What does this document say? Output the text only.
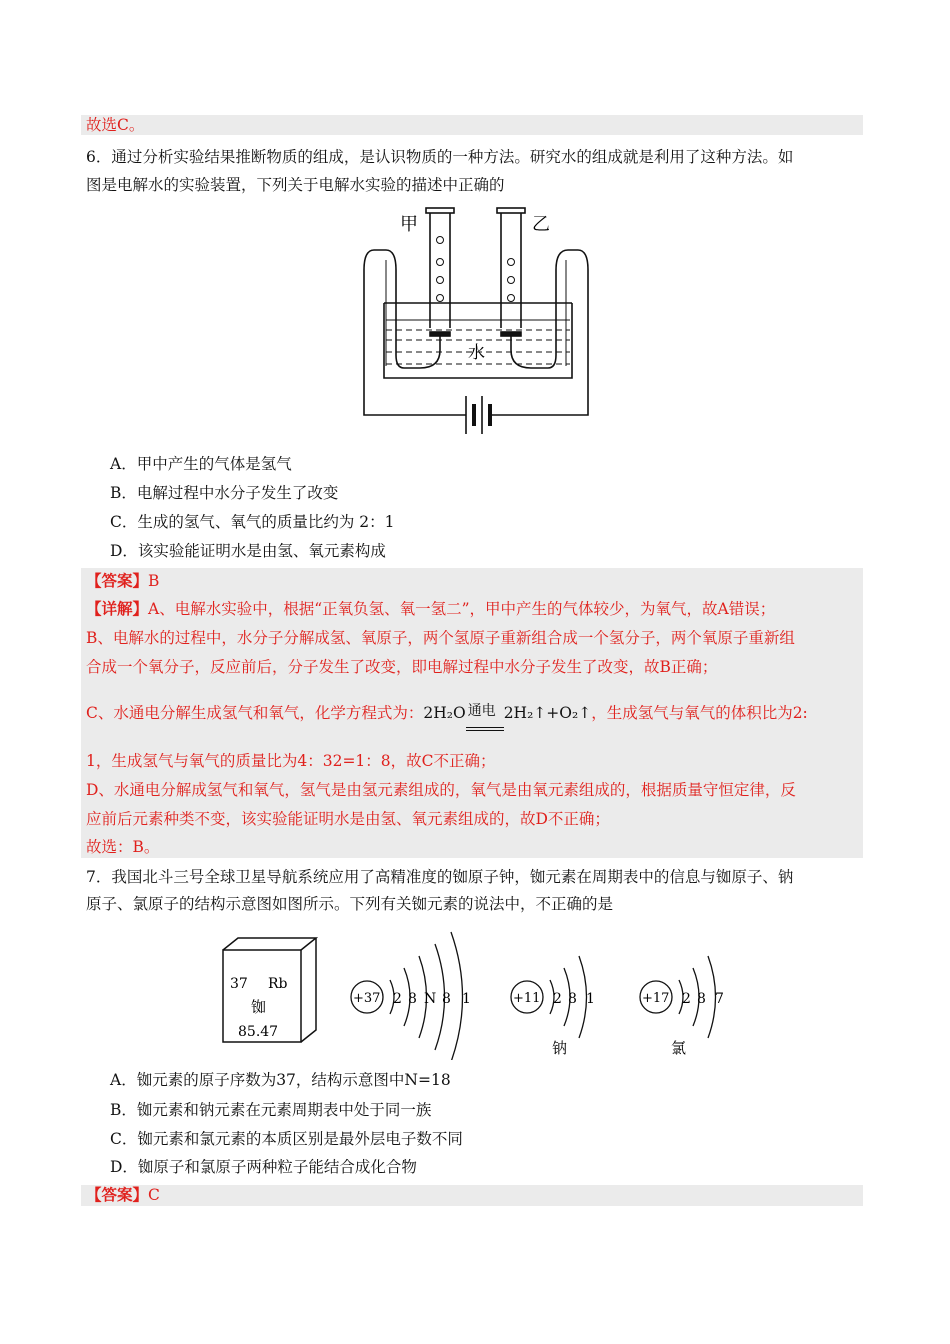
故选C。
6．通过分析实验结果推断物质的组成，是认识物质的一种方法。研究水的组成就是利用了这种方法。如
图是电解水的实验装置，下列关于电解水实验的描述中正确的
甲	乙
水
A．甲中产生的气体是氢气
B．电解过程中水分子发生了改变
C．生成的氢气、氧气的质量比约为 2：1
D．该实验能证明水是由氢、氧元素构成
【答案】B
【详解】A、电解水实验中，根据“正氧负氢、氧一氢二”，甲中产生的气体较少，为氧气，故A错误；
B、电解水的过程中，水分子分解成氢、氧原子，两个氢原子重新组合成一个氢分子，两个氧原子重新组
合成一个氧分子，反应前后，分子发生了改变，即电解过程中水分子发生了改变，故B正确；
C、水通电分解生成氢气和氧气，化学方程式为：2H₂O 通电 2H₂↑+O₂↑，生成氢气与氧气的体积比为2:
1，生成氢气与氧气的质量比为4：32=1：8，故C不正确；
D、水通电分解成氢气和氧气，氢气是由氢元素组成的，氧气是由氧元素组成的，根据质量守恒定律，反
应前后元素种类不变，该实验能证明水是由氢、氧元素组成的，故D不正确；
故选：B。
7．我国北斗三号全球卫星导航系统应用了高精准度的铷原子钟，铷元素在周期表中的信息与铷原子、钠
原子、氯原子的结构示意图如图所示。下列有关铷元素的说法中，不正确的是
37 Rb
铷
85.47
+37 2 8 N 8 1	+11 2 8 1
钠
+17 2 8 7
氯
A．铷元素的原子序数为37，结构示意图中N=18
B．铷元素和钠元素在元素周期表中处于同一族
C．铷元素和氯元素的本质区别是最外层电子数不同
D．铷原子和氯原子两种粒子能结合成化合物
【答案】C
